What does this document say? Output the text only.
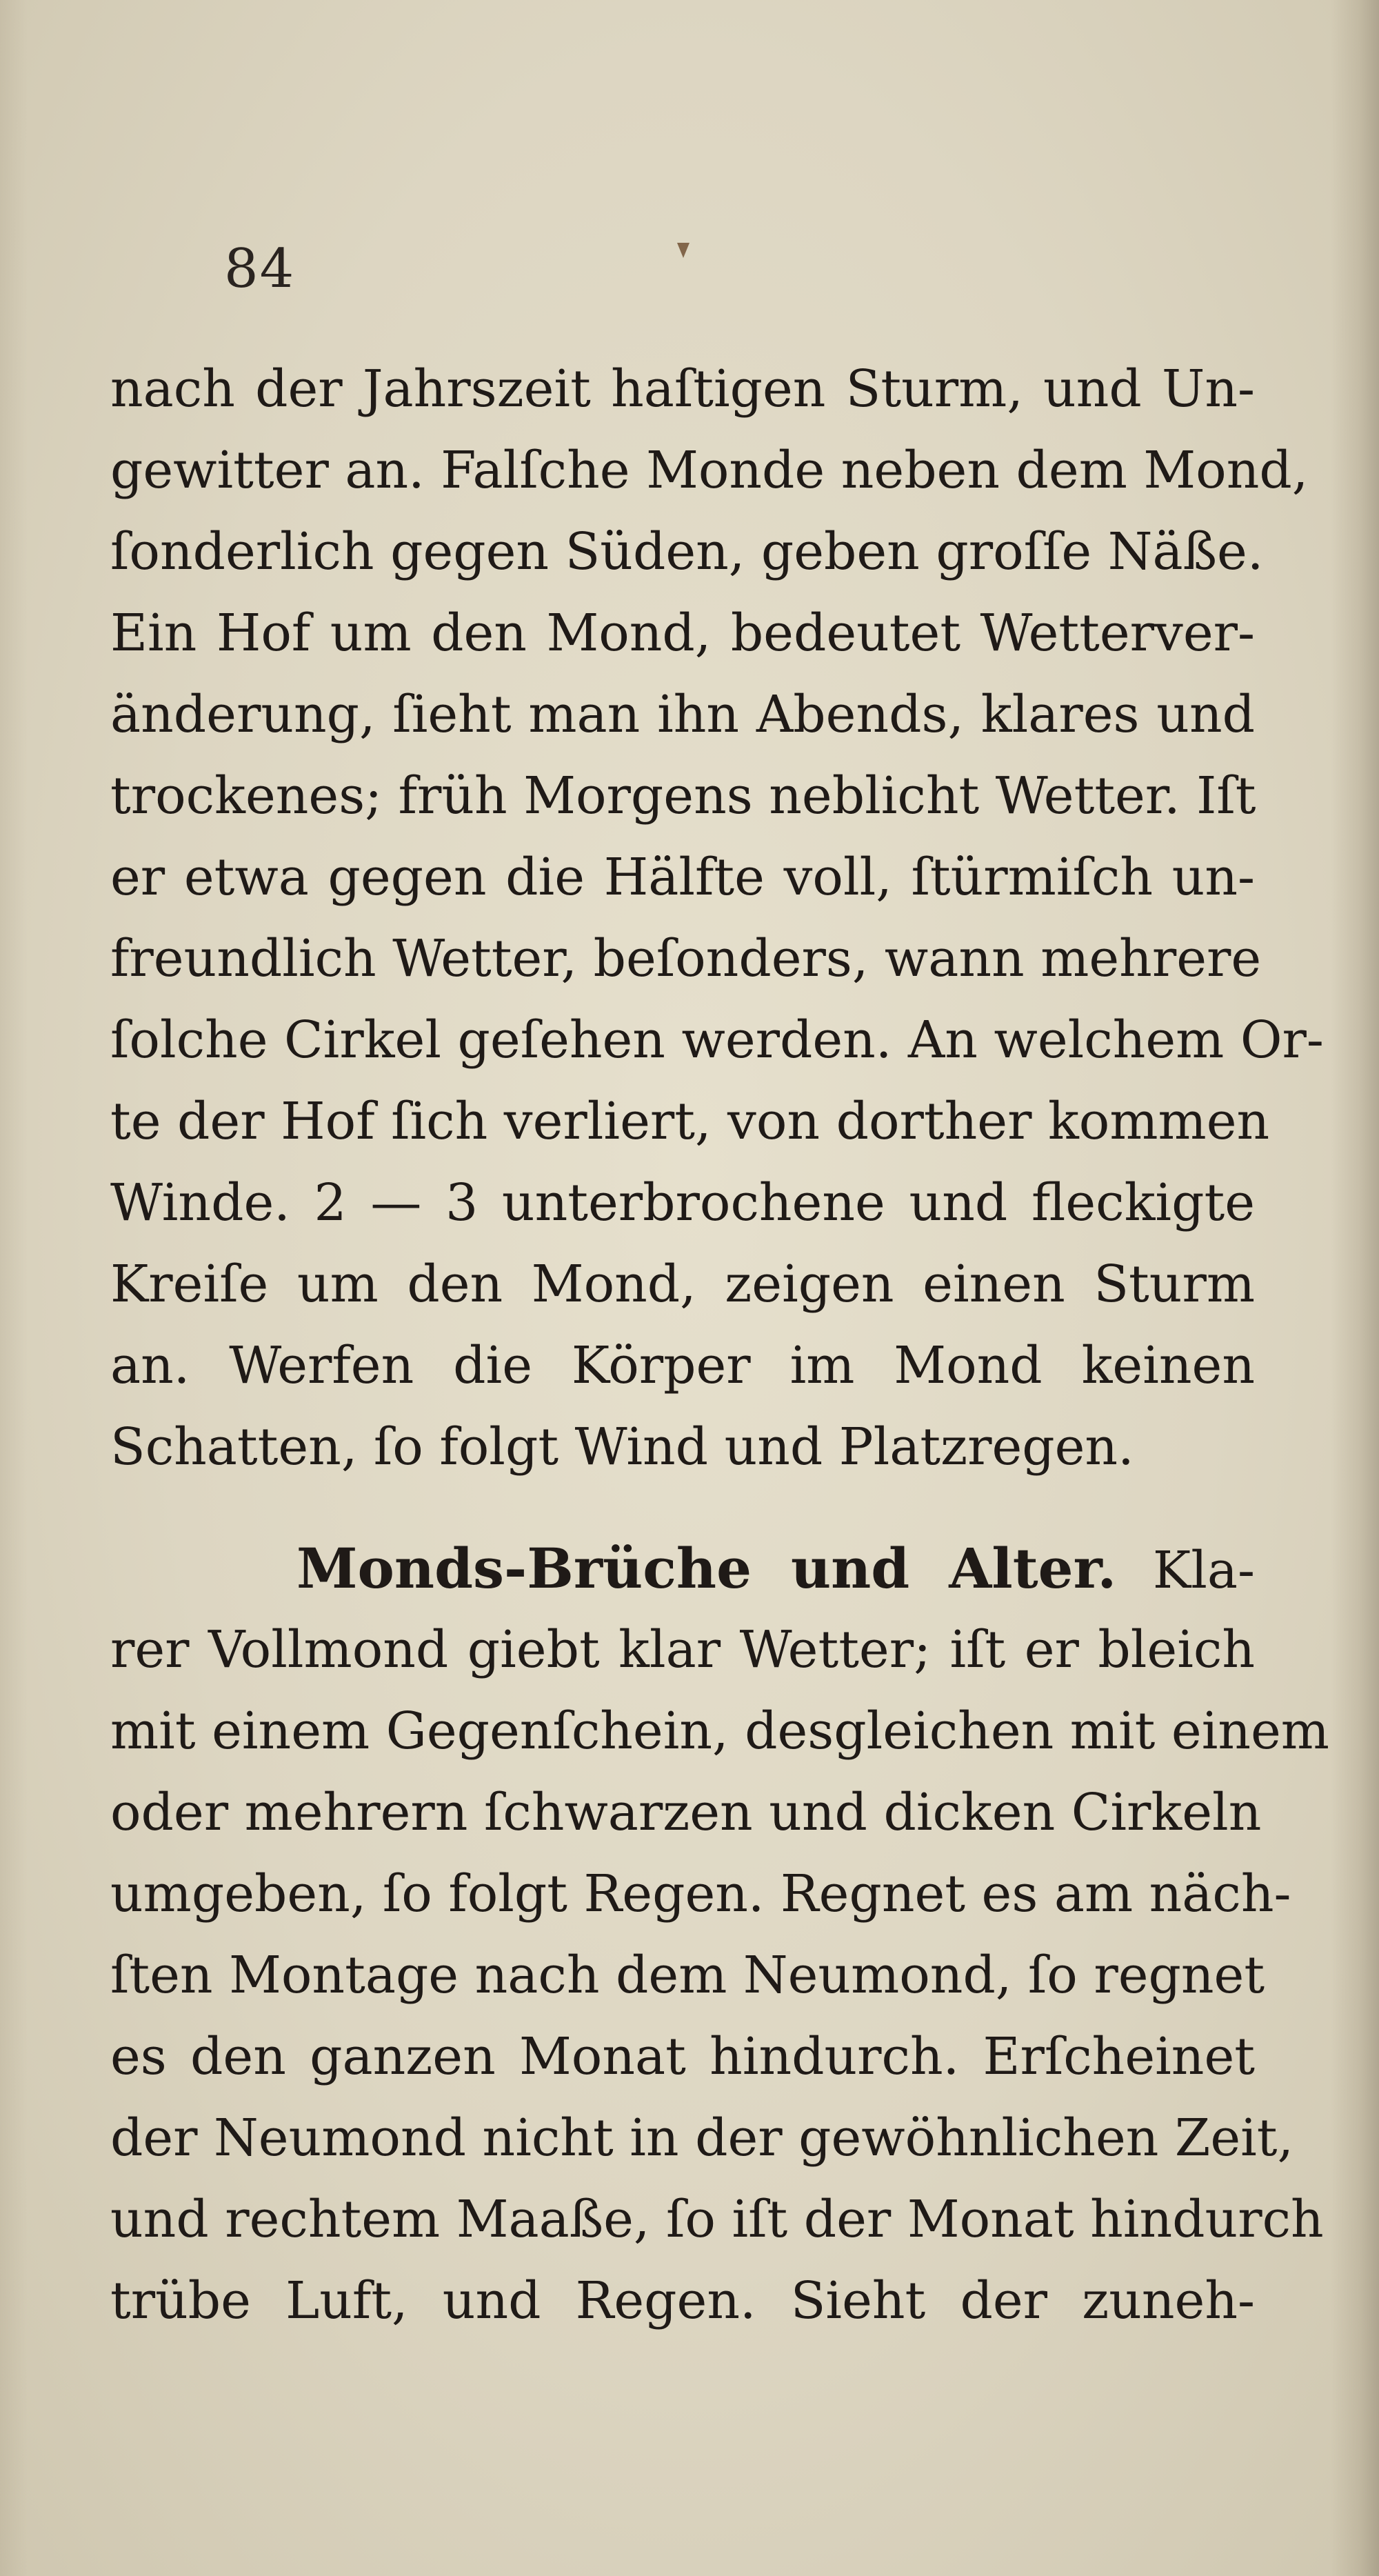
84
nach der Jahrszeit haſtigen Sturm, und Un-
gewitter an. Falſche Monde neben dem Mond,
ſonderlich gegen Süden, geben groſſe Näße.
Ein Hof um den Mond, bedeutet Wetterver-
änderung, ſieht man ihn Abends, klares und
trockenes; früh Morgens neblicht Wetter. Iſt
er etwa gegen die Hälfte voll, ſtürmiſch un-
freundlich Wetter, beſonders, wann mehrere
ſolche Cirkel geſehen werden. An welchem Or-
te der Hof ſich verliert, von dorther kommen
Winde. 2 — 3 unterbrochene und fleckigte
Kreiſe um den Mond, zeigen einen Sturm
an. Werfen die Körper im Mond keinen
Schatten, ſo folgt Wind und Platzregen.
Monds-Brüche und Alter. Kla-
rer Vollmond giebt klar Wetter; iſt er bleich
mit einem Gegenſchein, desgleichen mit einem
oder mehrern ſchwarzen und dicken Cirkeln
umgeben, ſo folgt Regen. Regnet es am näch-
ſten Montage nach dem Neumond, ſo regnet
es den ganzen Monat hindurch. Erſcheinet
der Neumond nicht in der gewöhnlichen Zeit,
und rechtem Maaße, ſo iſt der Monat hindurch
trübe Luft, und Regen. Sieht der zuneh-
